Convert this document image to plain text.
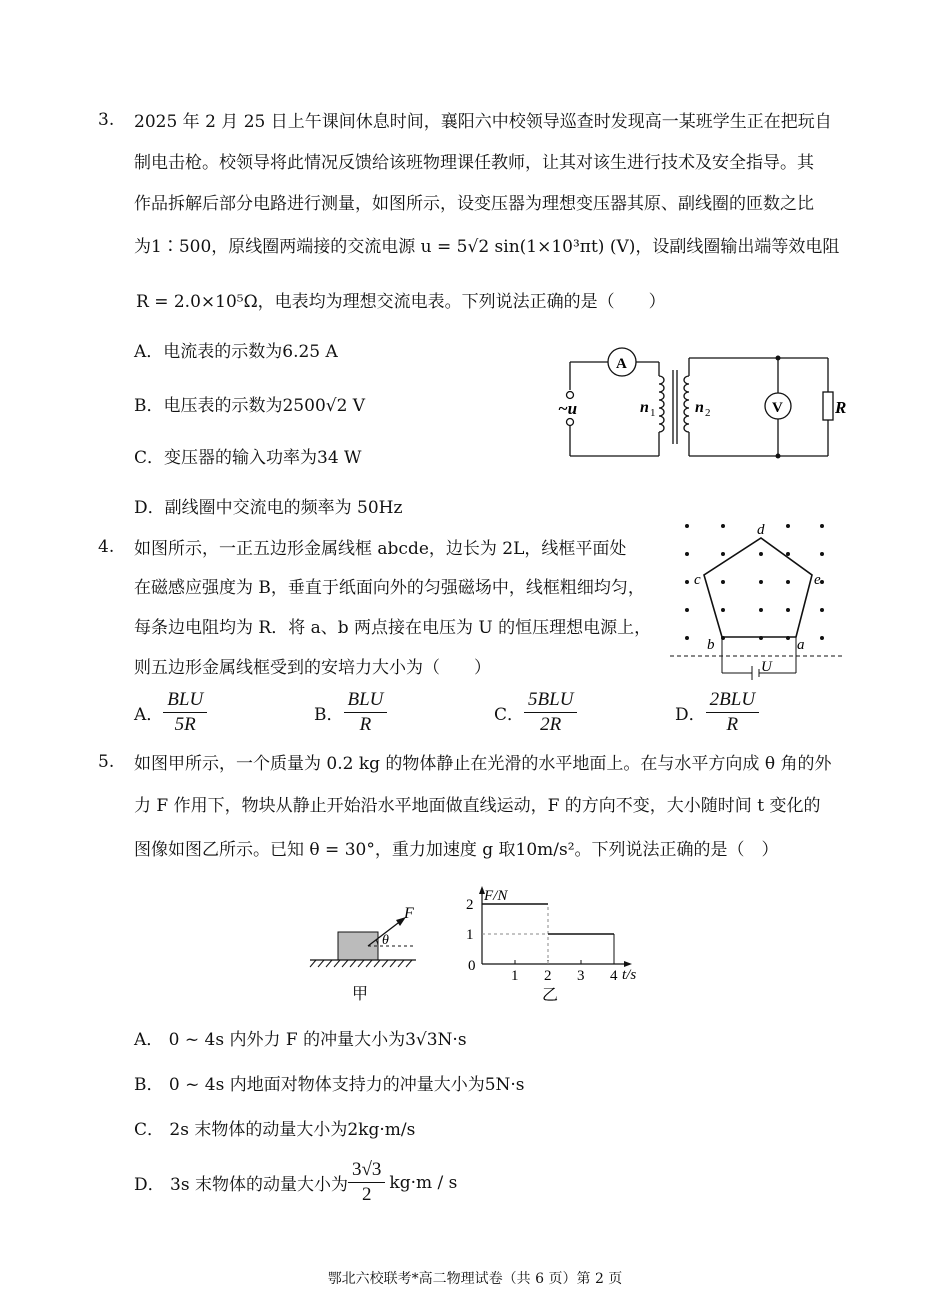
3. 2025 年 2 月 25 日上午课间休息时间，襄阳六中校领导巡查时发现高一某班学生正在把玩自
制电击枪。校领导将此情况反馈给该班物理课任教师，让其对该生进行技术及安全指导。其
作品拆解后部分电路进行测量，如图所示，设变压器为理想变压器其原、副线圈的匝数之比
为1∶500，原线圈两端接的交流电源 u = 5√2 sin(1×10³πt) (V)，设副线圈输出端等效电阻
R = 2.0×10⁵Ω，电表均为理想交流电表。下列说法正确的是（　　）
A．电流表的示数为6.25 A
B．电压表的示数为2500√2 V
C．变压器的输入功率为34 W
D．副线圈中交流电的频率为 50Hz
A
V
~u	n 1 n 2	R
4. 如图所示，一正五边形金属线框 abcde，边长为 2L，线框平面处
在磁感应强度为 B，垂直于纸面向外的匀强磁场中，线框粗细均匀，
每条边电阻均为 R．将 a、b 两点接在电压为 U 的恒压理想电源上，
则五边形金属线框受到的安培力大小为（　　）
A． $\frac{\text{BLU}}{5R}$	B． $\frac{\text{BLU}}{R}$	C． $\frac{\text{5BLU}}{2R}$	D． $\frac{\text{2BLU}}{R}$
d
e
c
b	a
U
5. 如图甲所示，一个质量为 0.2 kg 的物体静止在光滑的水平地面上。在与水平方向成 θ 角的外
力 F 作用下，物块从静止开始沿水平地面做直线运动，F 的方向不变，大小随时间 t 变化的
图像如图乙所示。已知 θ = 30°，重力加速度 g 取10m/s²。下列说法正确的是（　）
F
θ
甲
1 2 3 4
1
2
F/N
t/s
0
乙
A． 0 ~ 4s 内外力 F 的冲量大小为3√3N·s
B． 0 ~ 4s 内地面对物体支持力的冲量大小为5N·s
C． 2s 末物体的动量大小为2kg·m/s
D． 3s 末物体的动量大小为 $\frac{3√3}{2} kg\cdot m / s$
鄂北六校联考*高二物理试卷（共 6 页）第 2 页
